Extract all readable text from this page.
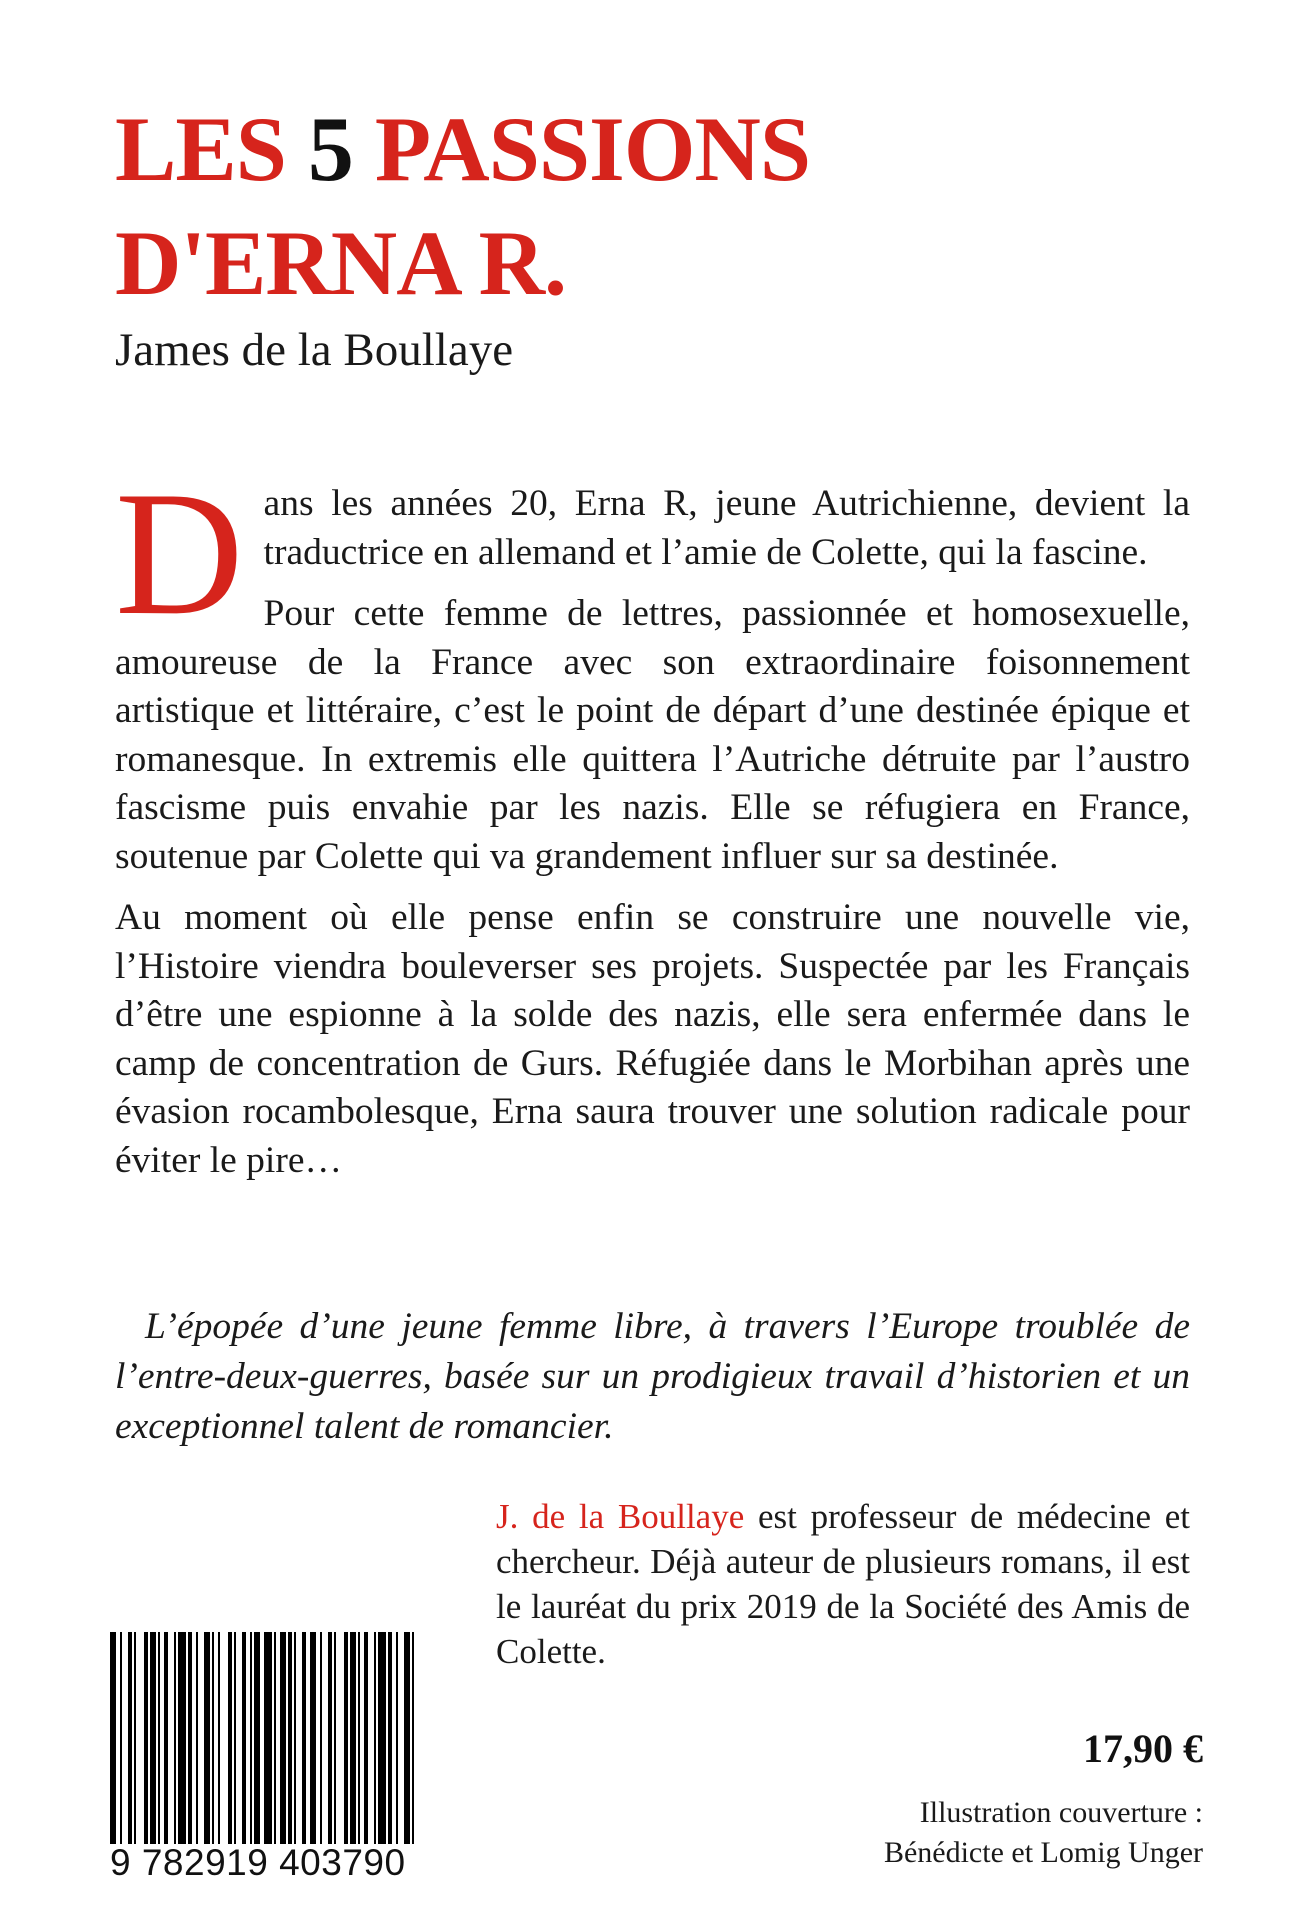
LES 5 PASSIONS
D'ERNA R.
James de la Boullaye

Dans les années 20, Erna R, jeune Autrichienne, devient la traductrice en allemand et l’amie de Colette, qui la fascine.

Pour cette femme de lettres, passionnée et homosexuelle, amoureuse de la France avec son extraordinaire foisonnement artistique et littéraire, c’est le point de départ d’une destinée épique et romanesque. In extremis elle quittera l’Autriche détruite par l’austro fascisme puis envahie par les nazis. Elle se réfugiera en France, soutenue par Colette qui va grandement influer sur sa destinée.

Au moment où elle pense enfin se construire une nouvelle vie, l’Histoire viendra bouleverser ses projets. Suspectée par les Français d’être une espionne à la solde des nazis, elle sera enfermée dans le camp de concentration de Gurs. Réfugiée dans le Morbihan après une évasion rocambolesque, Erna saura trouver une solution radicale pour éviter le pire…

L’épopée d’une jeune femme libre, à travers l’Europe troublée de l’entre-deux-guerres, basée sur un prodigieux travail d’historien et un exceptionnel talent de romancier.

J. de la Boullaye est professeur de médecine et chercheur. Déjà auteur de plusieurs romans, il est le lauréat du prix 2019 de la Société des Amis de Colette.

9 782919 403790
17,90 €
Illustration couverture :
Bénédicte et Lomig Unger
